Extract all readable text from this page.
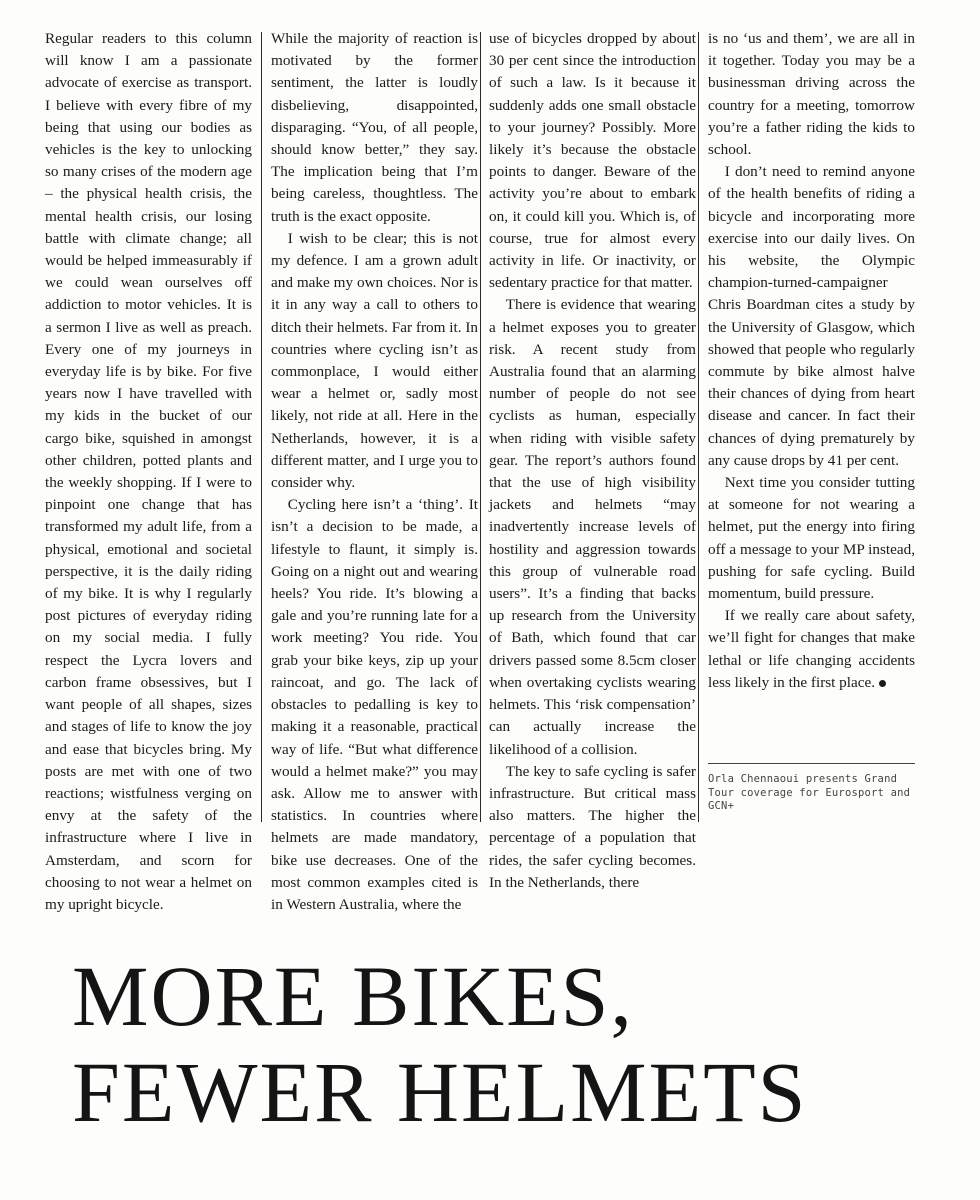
Regular readers to this column will know I am a passionate advocate of exercise as transport. I believe with every fibre of my being that using our bodies as vehicles is the key to unlocking so many crises of the modern age – the physical health crisis, the mental health crisis, our losing battle with climate change; all would be helped immeasurably if we could wean ourselves off addiction to motor vehicles. It is a sermon I live as well as preach. Every one of my journeys in everyday life is by bike. For five years now I have travelled with my kids in the bucket of our cargo bike, squished in amongst other children, potted plants and the weekly shopping. If I were to pinpoint one change that has transformed my adult life, from a physical, emotional and societal perspective, it is the daily riding of my bike. It is why I regularly post pictures of everyday riding on my social media. I fully respect the Lycra lovers and carbon frame obsessives, but I want people of all shapes, sizes and stages of life to know the joy and ease that bicycles bring. My posts are met with one of two reactions; wistfulness verging on envy at the safety of the infrastructure where I live in Amsterdam, and scorn for choosing to not wear a helmet on my upright bicycle.

While the majority of reaction is motivated by the former sentiment, the latter is loudly disbelieving, disappointed, disparaging. “You, of all people, should know better,” they say. The implication being that I’m being careless, thoughtless. The truth is the exact opposite.

I wish to be clear; this is not my defence. I am a grown adult and make my own choices. Nor is it in any way a call to others to ditch their helmets. Far from it. In countries where cycling isn’t as commonplace, I would either wear a helmet or, sadly most likely, not ride at all. Here in the Netherlands, however, it is a different matter, and I urge you to consider why.

Cycling here isn’t a ‘thing’. It isn’t a decision to be made, a lifestyle to flaunt, it simply is. Going on a night out and wearing heels? You ride. It’s blowing a gale and you’re running late for a work meeting? You ride. You grab your bike keys, zip up your raincoat, and go. The lack of obstacles to pedalling is key to making it a reasonable, practical way of life. “But what difference would a helmet make?” you may ask. Allow me to answer with statistics. In countries where helmets are made mandatory, bike use decreases. One of the most common examples cited is in Western Australia, where the

use of bicycles dropped by about 30 per cent since the introduction of such a law. Is it because it suddenly adds one small obstacle to your journey? Possibly. More likely it’s because the obstacle points to danger. Beware of the activity you’re about to embark on, it could kill you. Which is, of course, true for almost every activity in life. Or inactivity, or sedentary practice for that matter.

There is evidence that wearing a helmet exposes you to greater risk. A recent study from Australia found that an alarming number of people do not see cyclists as human, especially when riding with visible safety gear. The report’s authors found that the use of high visibility jackets and helmets “may inadvertently increase levels of hostility and aggression towards this group of vulnerable road users”. It’s a finding that backs up research from the University of Bath, which found that car drivers passed some 8.5cm closer when overtaking cyclists wearing helmets. This ‘risk compensation’ can actually increase the likelihood of a collision.

The key to safe cycling is safer infrastructure. But critical mass also matters. The higher the percentage of a population that rides, the safer cycling becomes. In the Netherlands, there

is no ‘us and them’, we are all in it together. Today you may be a businessman driving across the country for a meeting, tomorrow you’re a father riding the kids to school.

I don’t need to remind anyone of the health benefits of riding a bicycle and incorporating more exercise into our daily lives. On his website, the Olympic champion-turned-campaigner Chris Boardman cites a study by the University of Glasgow, which showed that people who regularly commute by bike almost halve their chances of dying from heart disease and cancer. In fact their chances of dying prematurely by any cause drops by 41 per cent.

Next time you consider tutting at someone for not wearing a helmet, put the energy into firing off a message to your MP instead, pushing for safe cycling. Build momentum, build pressure.

If we really care about safety, we’ll fight for changes that make lethal or life changing accidents less likely in the first place.

Orla Chennaoui presents Grand Tour coverage for Eurosport and GCN+
MORE BIKES,
FEWER HELMETS
